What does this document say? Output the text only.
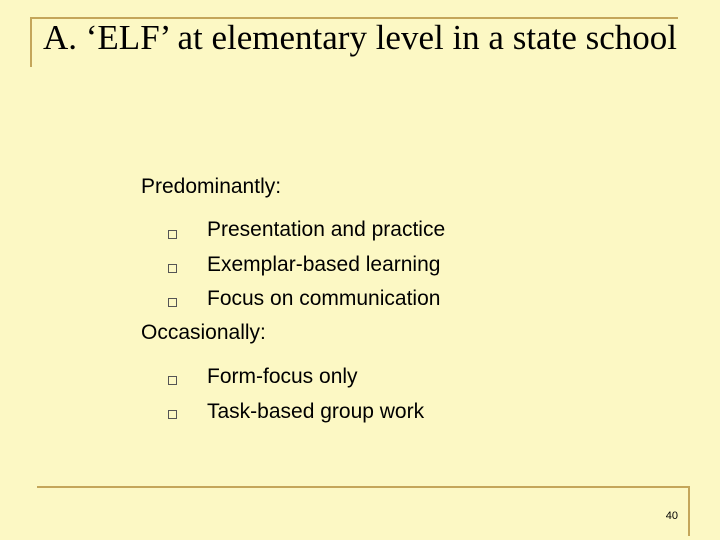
A. ‘ELF’ at elementary level in a state school
Predominantly:
Presentation and practice
Exemplar-based learning
Focus on communication
Occasionally:
Form-focus only
Task-based group work
40
